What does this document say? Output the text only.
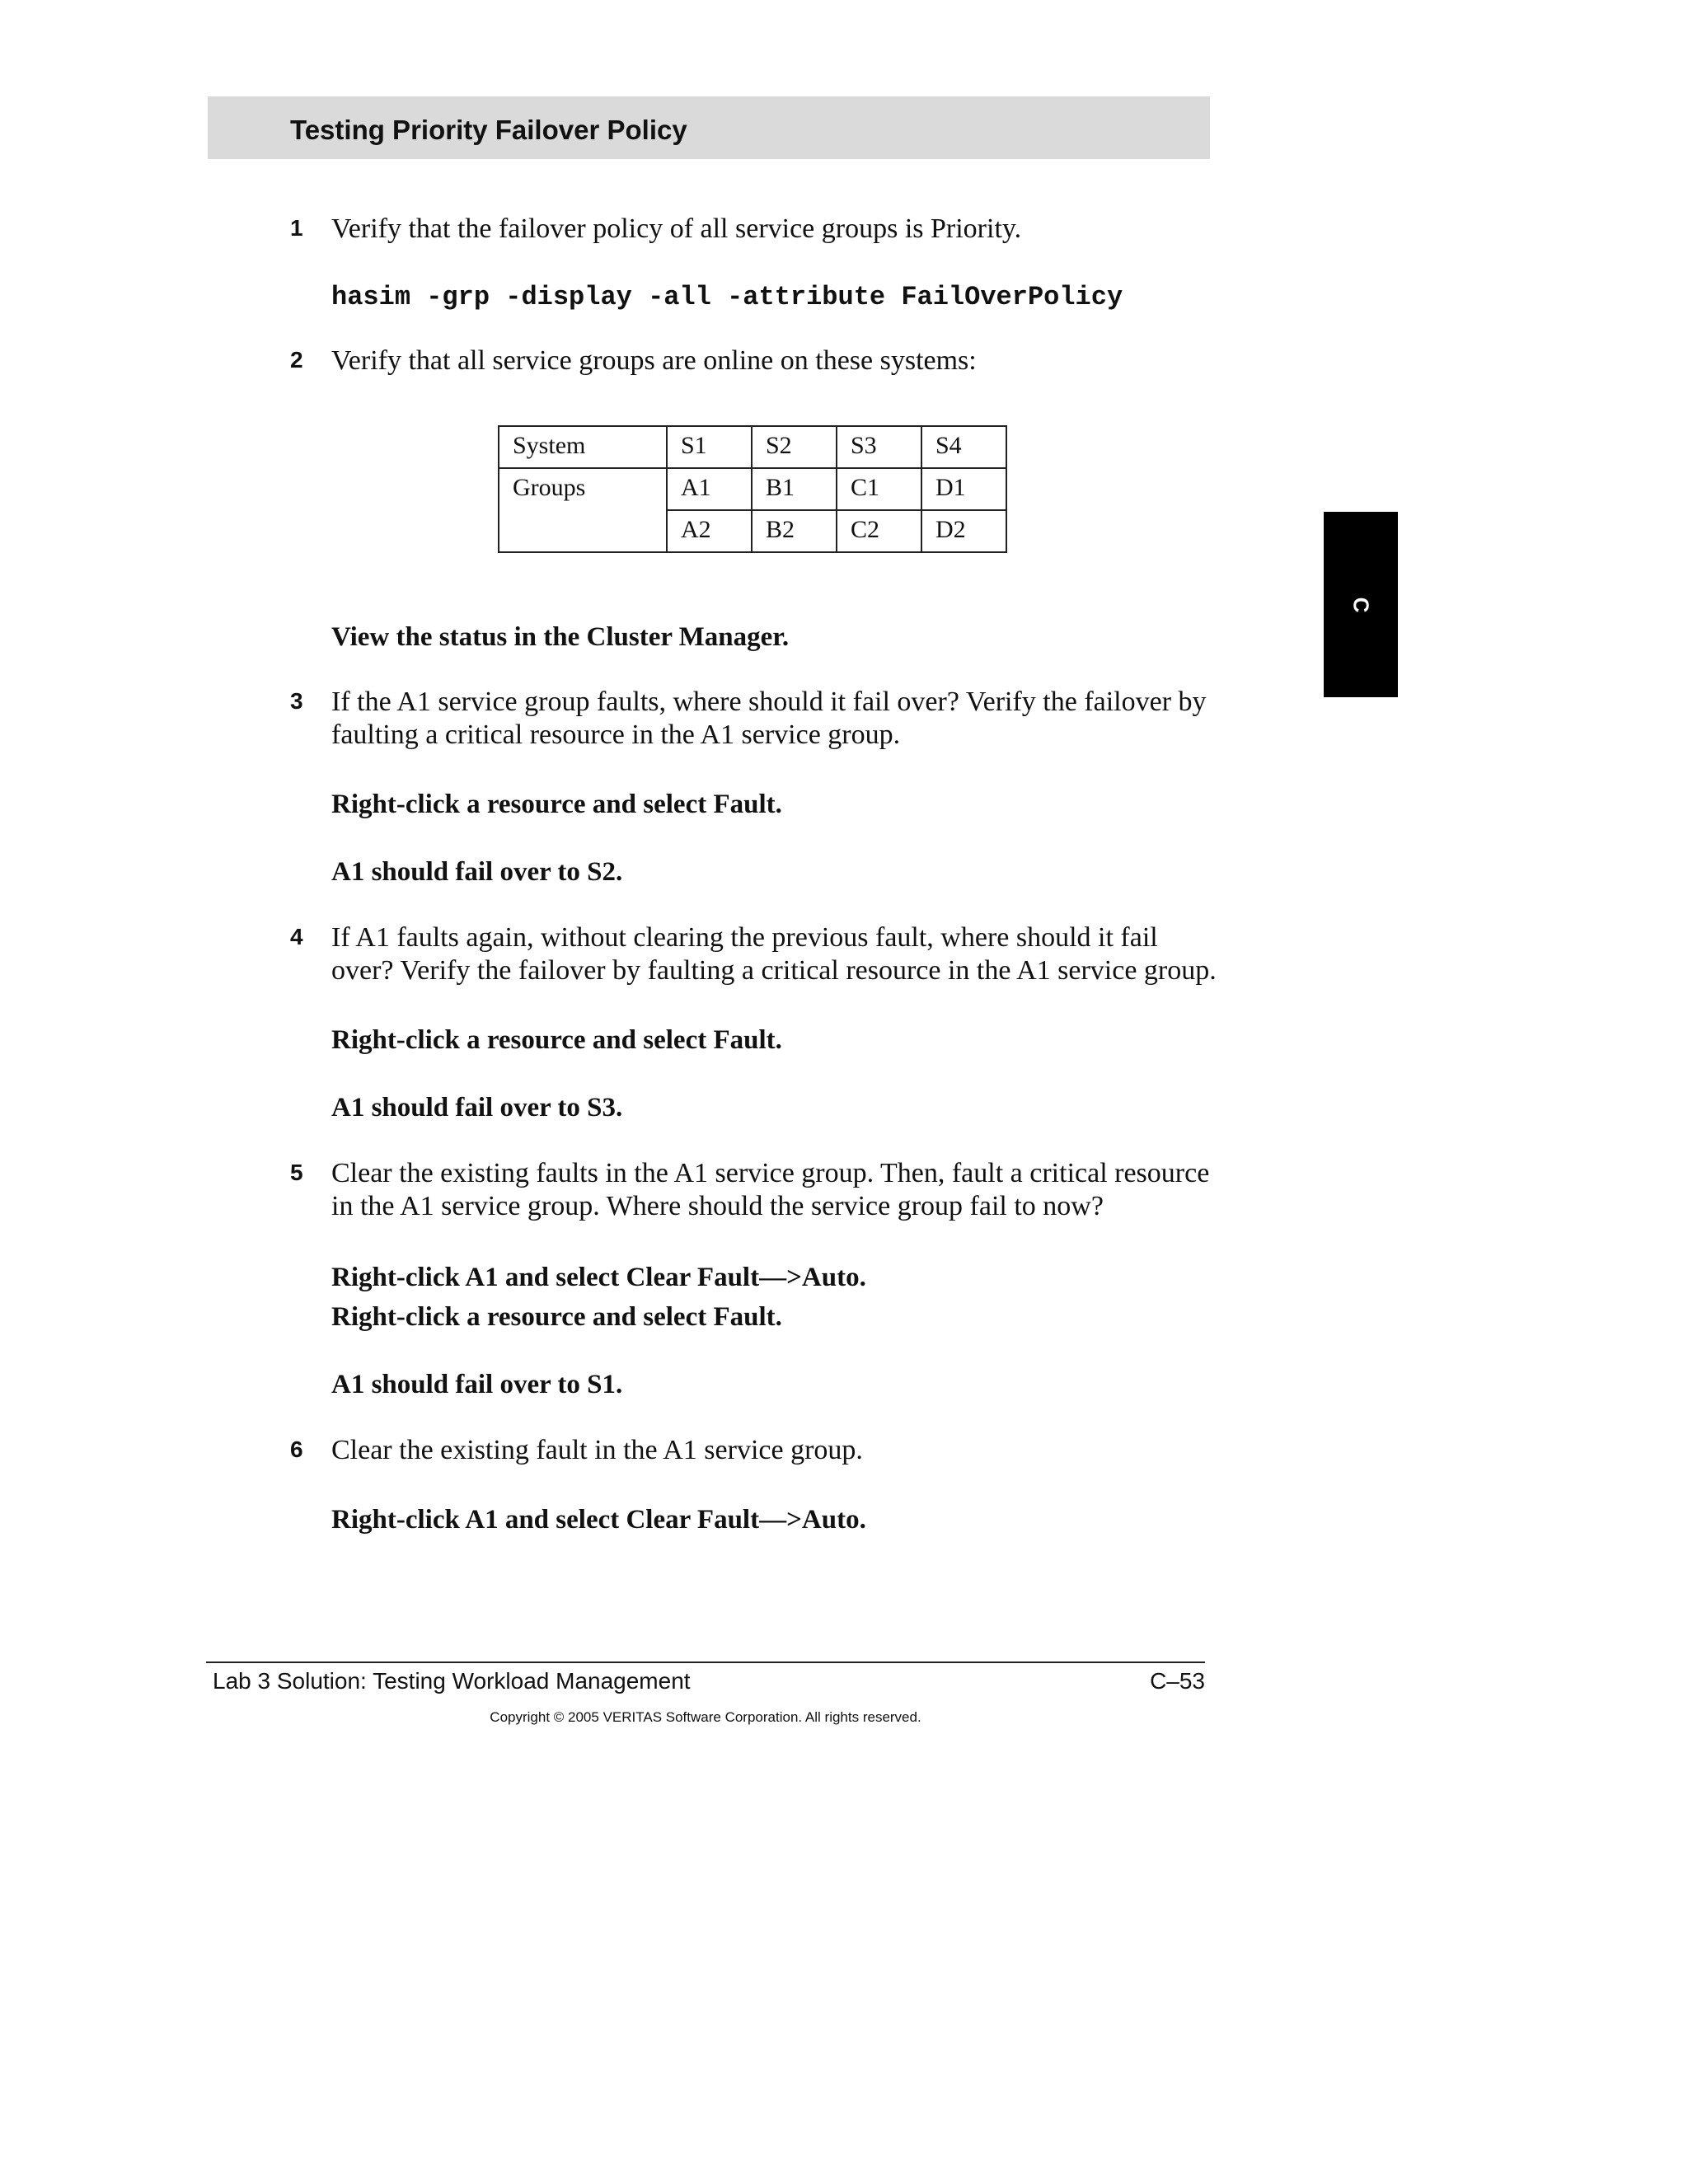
Testing Priority Failover Policy
1 Verify that the failover policy of all service groups is Priority.

hasim -grp -display -all -attribute FailOverPolicy

2 Verify that all service groups are online on these systems:
System	S1	S2	S3	S4
Groups	A1	B1	C1	D1
	A2	B2	C2	D2

View the status in the Cluster Manager.

3 If the A1 service group faults, where should it fail over? Verify the failover by faulting a critical resource in the A1 service group.

Right-click a resource and select Fault.

A1 should fail over to S2.

4 If A1 faults again, without clearing the previous fault, where should it fail over? Verify the failover by faulting a critical resource in the A1 service group.

Right-click a resource and select Fault.

A1 should fail over to S3.

5 Clear the existing faults in the A1 service group. Then, fault a critical resource in the A1 service group. Where should the service group fail to now?

Right-click A1 and select Clear Fault—>Auto.

Right-click a resource and select Fault.

A1 should fail over to S1.

6 Clear the existing fault in the A1 service group.

Right-click A1 and select Clear Fault—>Auto.

C
Lab 3 Solution: Testing Workload Management	C–53
Copyright © 2005 VERITAS Software Corporation. All rights reserved.
